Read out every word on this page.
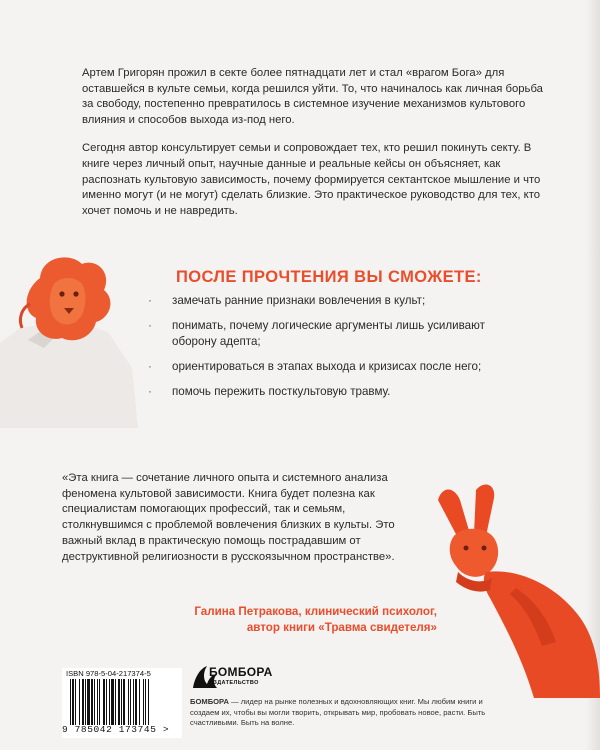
Артем Григорян прожил в секте более пятнадцати лет и стал «врагом Бога» для оставшейся в культе семьи, когда решился уйти. То, что начиналось как личная борьба за свободу, постепенно превратилось в системное изучение механизмов культового влияния и способов выхода из-под него.

Сегодня автор консультирует семьи и сопровождает тех, кто решил покинуть секту. В книге через личный опыт, научные данные и реальные кейсы он объясняет, как распознать культовую зависимость, почему формируется сектантское мышление и что именно могут (и не могут) сделать близкие. Это практическое руководство для тех, кто хочет помочь и не навредить.

ПОСЛЕ ПРОЧТЕНИЯ ВЫ СМОЖЕТЕ:
· замечать ранние признаки вовлечения в культ;
· понимать, почему логические аргументы лишь усиливают оборону адепта;
· ориентироваться в этапах выхода и кризисах после него;
· помочь пережить посткультовую травму.
«Эта книга — сочетание личного опыта и системного анализа феномена культовой зависимости. Книга будет полезна как специалистам помогающих профессий, так и семьям, столкнувшимся с проблемой вовлечения близких в культы. Это важный вклад в практическую помощь пострадавшим от деструктивной религиозности в русскоязычном пространстве».
Галина Петракова, клинический психолог,
автор книги «Травма свидетеля»
ISBN 978-5-04-217374-5
9 785042 173745 >
БОМБОРА
ИЗДАТЕЛЬСТВО
БОМБОРА — лидер на рынке полезных и вдохновляющих книг. Мы любим книги и создаем их, чтобы вы могли творить, открывать мир, пробовать новое, расти. Быть счастливыми. Быть на волне.
